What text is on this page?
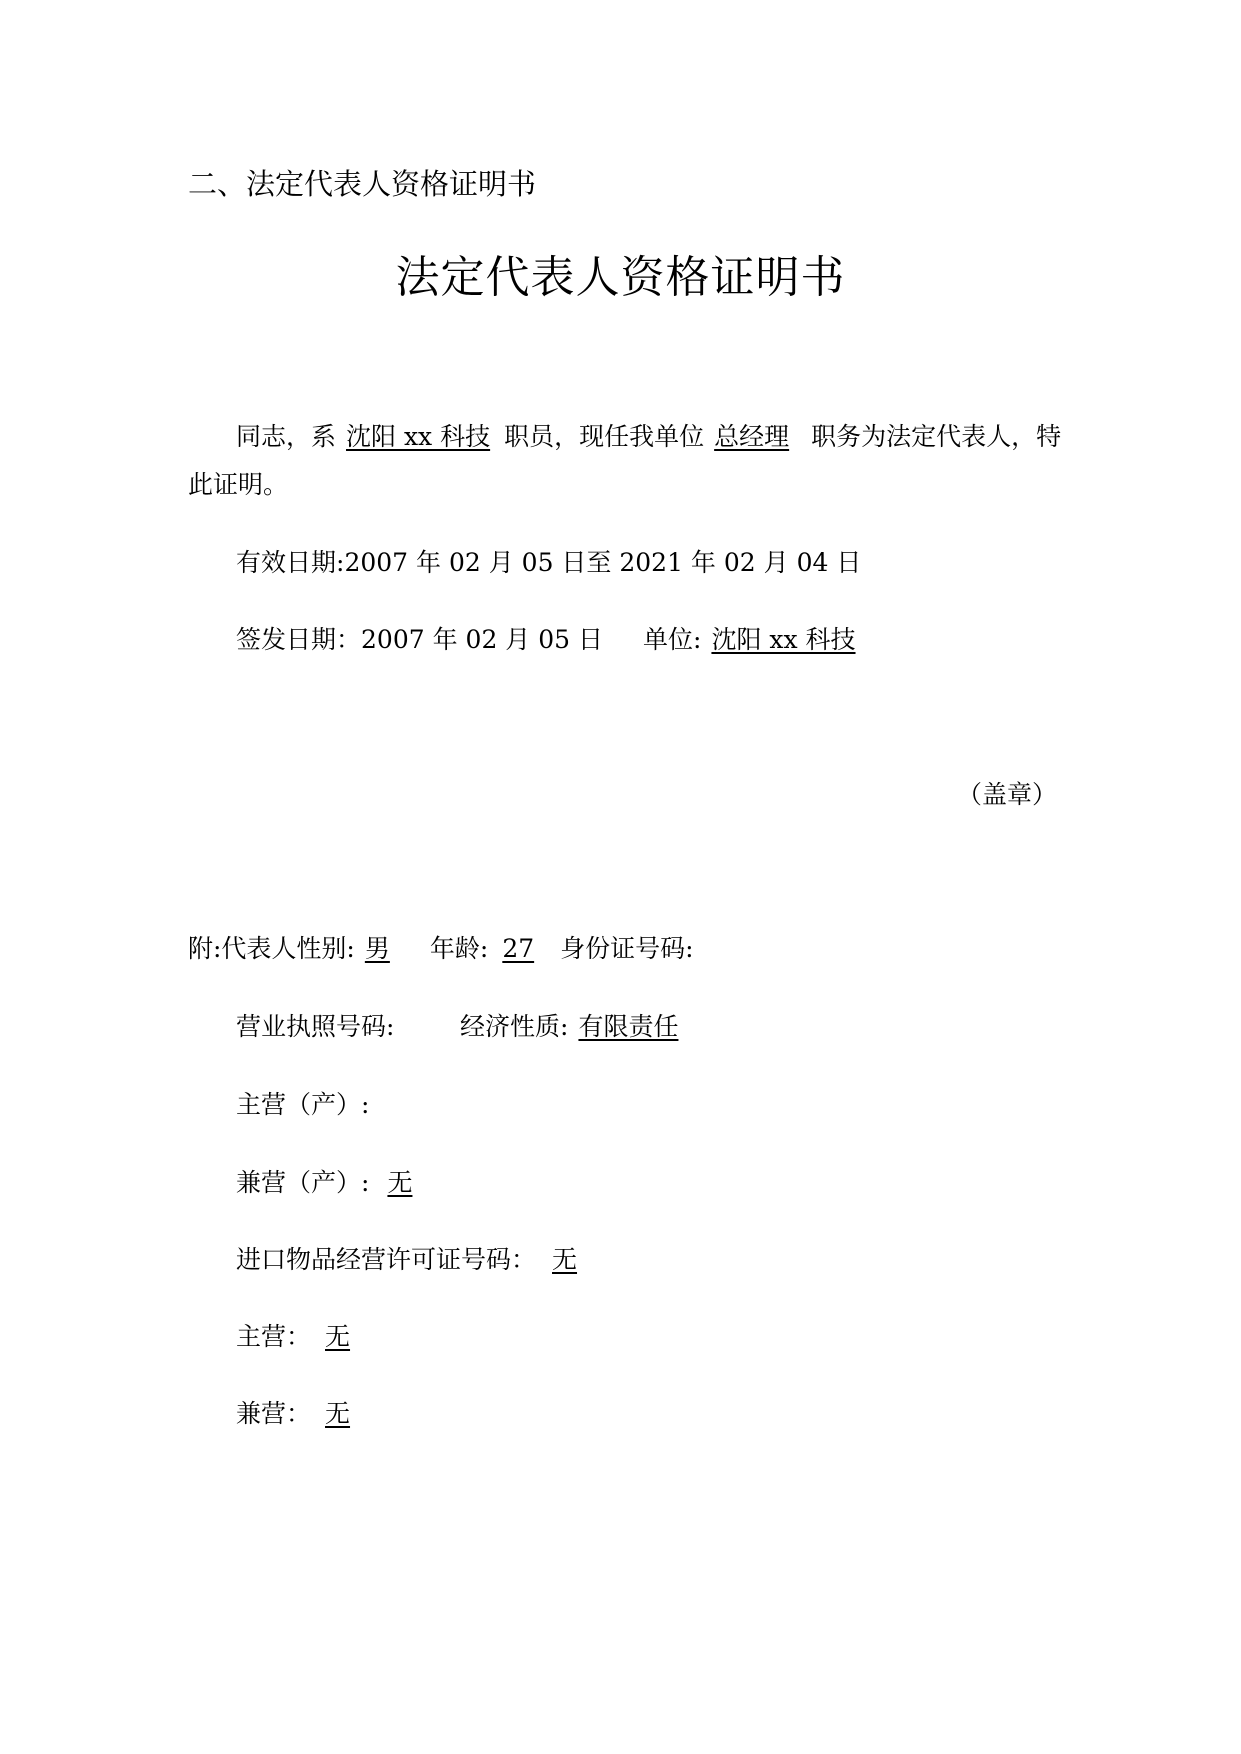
二、法定代表人资格证明书
法定代表人资格证明书
同志，系 沈阳 xx 科技 职员，现任我单位 总经理 职务为法定代表人，特
此证明。
有效日期:2007 年 02 月 05 日至 2021 年 02 月 04 日
签发日期：2007 年 02 月 05 日 单位: 沈阳 xx 科技
（盖章）
附:代表人性别: 男 年龄: 27 身份证号码:
营业执照号码:	经济性质: 有限责任
主营（产）:
兼营（产）: 无
进口物品经营许可证号码： 无
主营： 无
兼营： 无
